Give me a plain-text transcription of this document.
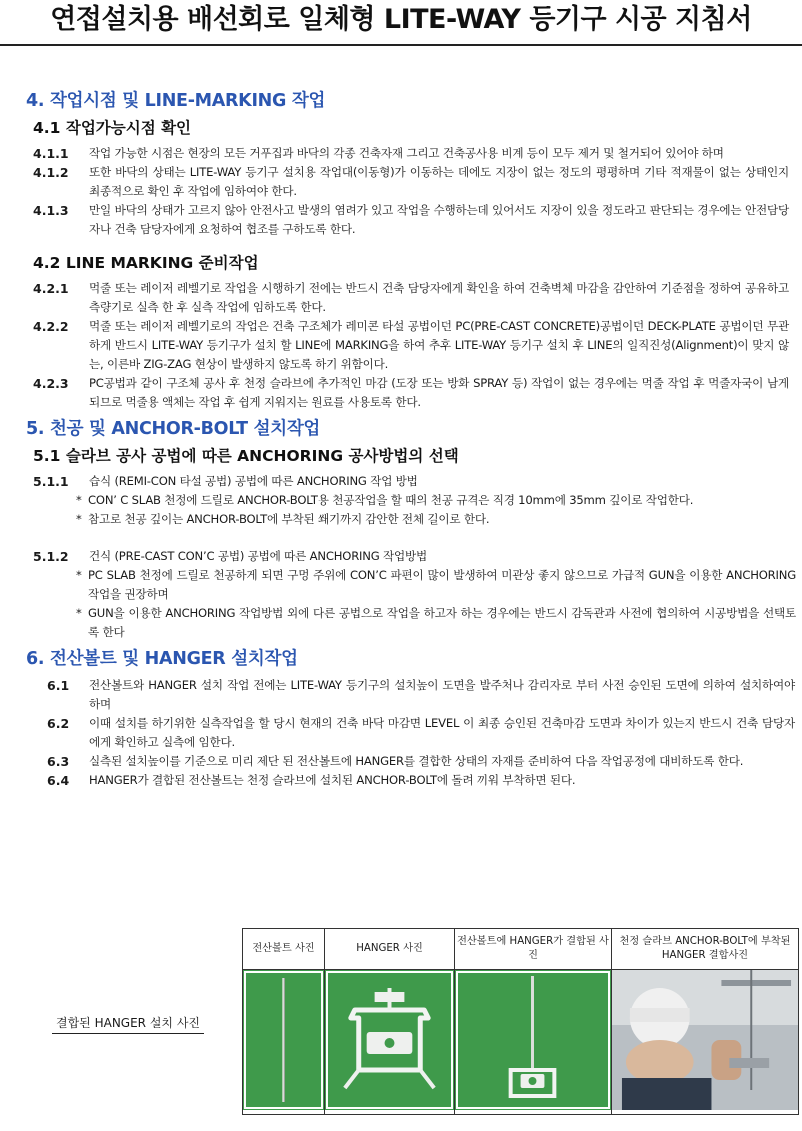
연접설치용 배선회로 일체형 LITE-WAY 등기구 시공 지침서
4. 작업시점 및 LINE-MARKING 작업
4.1 작업가능시점 확인
4.1.1	작업 가능한 시점은 현장의 모든 거푸집과 바닥의 각종 건축자재 그리고 건축공사용 비계 등이 모두 제거 및 철거되어 있어야 하며
4.1.2	또한 바닥의 상태는 LITE-WAY 등기구 설치용 작업대(이동형)가 이동하는 데에도 지장이 없는 정도의 평평하며 기타 적재물이 없는 상태인지 최종적으로 확인 후 작업에 임하여야 한다.
4.1.3	만일 바닥의 상태가 고르지 않아 안전사고 발생의 염려가 있고 작업을 수행하는데 있어서도 지장이 있을 정도라고 판단되는 경우에는 안전담당자나 건축 담당자에게 요청하여 협조를 구하도록 한다.
4.2 LINE MARKING 준비작업
4.2.1	먹줄 또는 레이저 레벨기로 작업을 시행하기 전에는 반드시 건축 담당자에게 확인을 하여 건축벽체 마감을 감안하여 기준점을 정하여 공유하고 측량기로 실측 한 후 실측 작업에 임하도록 한다.
4.2.2	먹줄 또는 레이저 레벨기로의 작업은 건축 구조체가 레미콘 타설 공법이던 PC(PRE-CAST CONCRETE)공법이던 DECK-PLATE 공법이던 무관하게 반드시 LITE-WAY 등기구가 설치 할 LINE에 MARKING을 하여 추후 LITE-WAY 등기구 설치 후 LINE의 일직진성(Alignment)이 맞지 않는, 이른바 ZIG-ZAG 현상이 발생하지 않도록 하기 위함이다.
4.2.3	PC공법과 같이 구조체 공사 후 천정 슬라브에 추가적인 마감 (도장 또는 방화 SPRAY 등) 작업이 없는 경우에는 먹줄 작업 후 먹줄자국이 남게 되므로 먹줄용 액체는 작업 후 쉽게 지워지는 원료를 사용토록 한다.
5. 천공 및 ANCHOR-BOLT 설치작업
5.1 슬라브 공사 공법에 따른 ANCHORING 공사방법의 선택
5.1.1	습식 (REMI-CON 타설 공법) 공법에 따른 ANCHORING 작업 방법
* CON’ C SLAB 천정에 드릴로 ANCHOR-BOLT용 천공작업을 할 때의 천공 규격은 직경 10mm에 35mm 깊이로 작업한다.
* 참고로 천공 깊이는 ANCHOR-BOLT에 부착된 쐐기까지 감안한 전체 길이로 한다.
5.1.2	건식 (PRE-CAST CON’C 공법) 공법에 따른 ANCHORING 작업방법
* PC SLAB 천정에 드릴로 천공하게 되면 구멍 주위에 CON’C 파편이 많이 발생하여 미관상 좋지 않으므로 가급적 GUN을 이용한 ANCHORING 작업을 권장하며
* GUN을 이용한 ANCHORING 작업방법 외에 다른 공법으로 작업을 하고자 하는 경우에는 반드시 감독관과 사전에 협의하여 시공방법을 선택토록 한다
6. 전산볼트 및 HANGER 설치작업
6.1	전산볼트와 HANGER 설치 작업 전에는 LITE-WAY 등기구의 설치높이 도면을 발주처나 감리자로 부터 사전 승인된 도면에 의하여 설치하여야 하며
6.2	이때 설치를 하기위한 실측작업을 할 당시 현재의 건축 바닥 마감면 LEVEL 이 최종 승인된 건축마감 도면과 차이가 있는지 반드시 건축 담당자에게 확인하고 실측에 임한다.
6.3	실측된 설치높이를 기준으로 미리 제단 된 전산볼트에 HANGER를 결합한 상태의 자재를 준비하여 다음 작업공정에 대비하도록 한다.
6.4	HANGER가 결합된 전산볼트는 천정 슬라브에 설치된 ANCHOR-BOLT에 돌려 끼워 부착하면 된다.
결합된 HANGER 설치 사진
전산볼트 사진	HANGER 사진	전산볼트에 HANGER가 결합된 사진	천정 슬라브 ANCHOR-BOLT에 부착된 HANGER 결합사진
